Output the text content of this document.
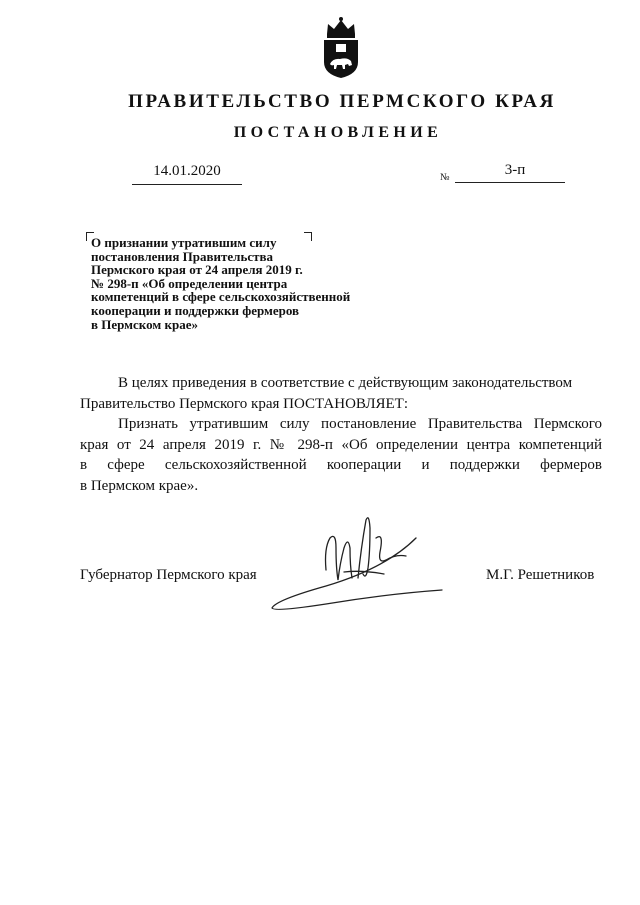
ПРАВИТЕЛЬСТВО ПЕРМСКОГО КРАЯ
ПОСТАНОВЛЕНИЕ
14.01.2020	№	3-п
О признании утратившим силу
постановления Правительства
Пермского края от 24 апреля 2019 г.
№ 298-п «Об определении центра
компетенций в сфере сельскохозяйственной
кооперации и поддержки фермеров
в Пермском крае»

В целях приведения в соответствие с действующим законодательством
Правительство Пермского края ПОСТАНОВЛЯЕТ:

Признать утратившим силу постановление Правительства Пермского
края от 24 апреля 2019 г. № 298-п «Об определении центра компетенций
в сфере сельскохозяйственной кооперации и поддержки фермеров
в Пермском крае».

Губернатор Пермского края	М.Г. Решетников
